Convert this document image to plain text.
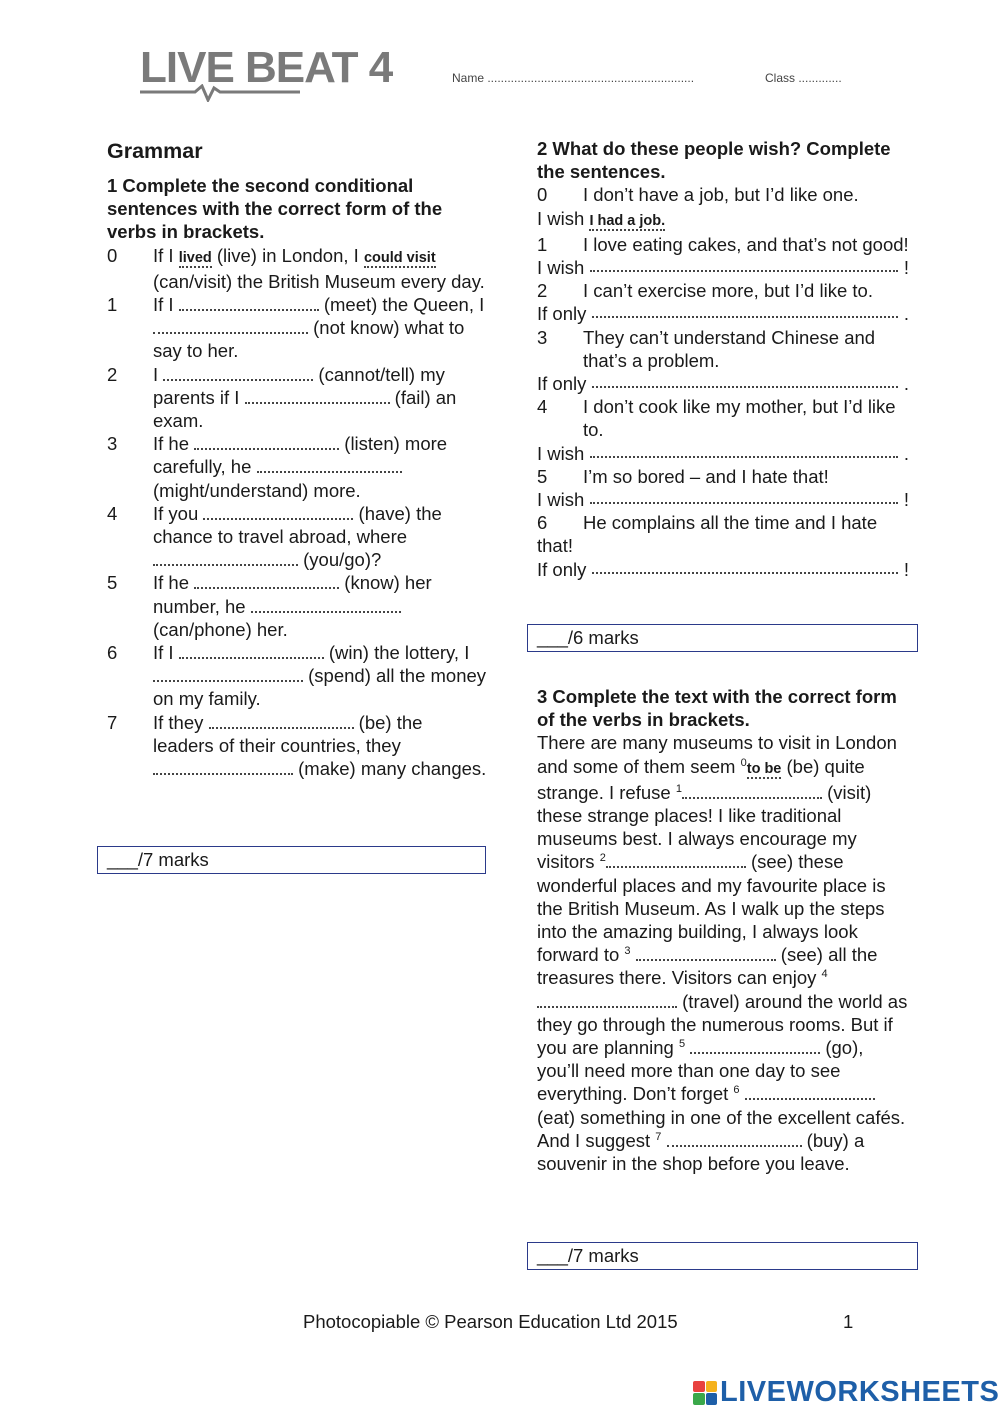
LIVE BEAT 4	Name ..............................................................	Class .............
Grammar

1 Complete the second conditional sentences with the correct form of the verbs in brackets.

0	If I lived (live) in London, I could visit (can/visit) the British Museum every day.
1	If I	(meet) the Queen, I  (not know) what to say to her.
2	I	(cannot/tell) my parents if I	(fail) an exam.
3	If he	(listen) more carefully, he  (might/understand) more.
4	If you	(have) the chance to travel abroad, where  (you/go)?
5	If he	(know) her number, he  (can/phone) her.
6	If I	(win) the lottery, I  (spend) all the money on my family.
7	If they	(be) the leaders of their countries, they  (make) many changes.
___/7 marks

2 What do these people wish? Complete the sentences.

0	I don’t have a job, but I’d like one.
I wish I had a job.
1	I love eating cakes, and that’s not good!
I wish	!
2	I can’t exercise more, but I’d like to.
If only	.
3	They can’t understand Chinese and that’s a problem.
If only	.
4	I don’t cook like my mother, but I’d like to.
I wish	.
5	I’m so bored – and I hate that!
I wish	!
6	He complains all the time and I hate
that!
If only	!
___/6 marks

3 Complete the text with the correct form of the verbs in brackets.

There are many museums to visit in London and some of them seem $^0$to be (be) quite strange. I refuse $^1$	(visit) these strange places! I like traditional museums best. I always encourage my visitors $^2$	(see) these wonderful places and my favourite place is the British Museum. As I walk up the steps into the amazing building, I always look forward to $^3$	(see) all the treasures there. Visitors can enjoy $^4$ (travel) around the world as they go through the numerous rooms. But if you are planning $^5$	(go), you’ll need more than one day to see everything. Don’t forget $^6$  (eat) something in one of the excellent cafés. And I suggest $^7$	(buy) a souvenir in the shop before you leave.
___/7 marks
Photocopiable © Pearson Education Ltd 2015	1
LIVEWORKSHEETS
